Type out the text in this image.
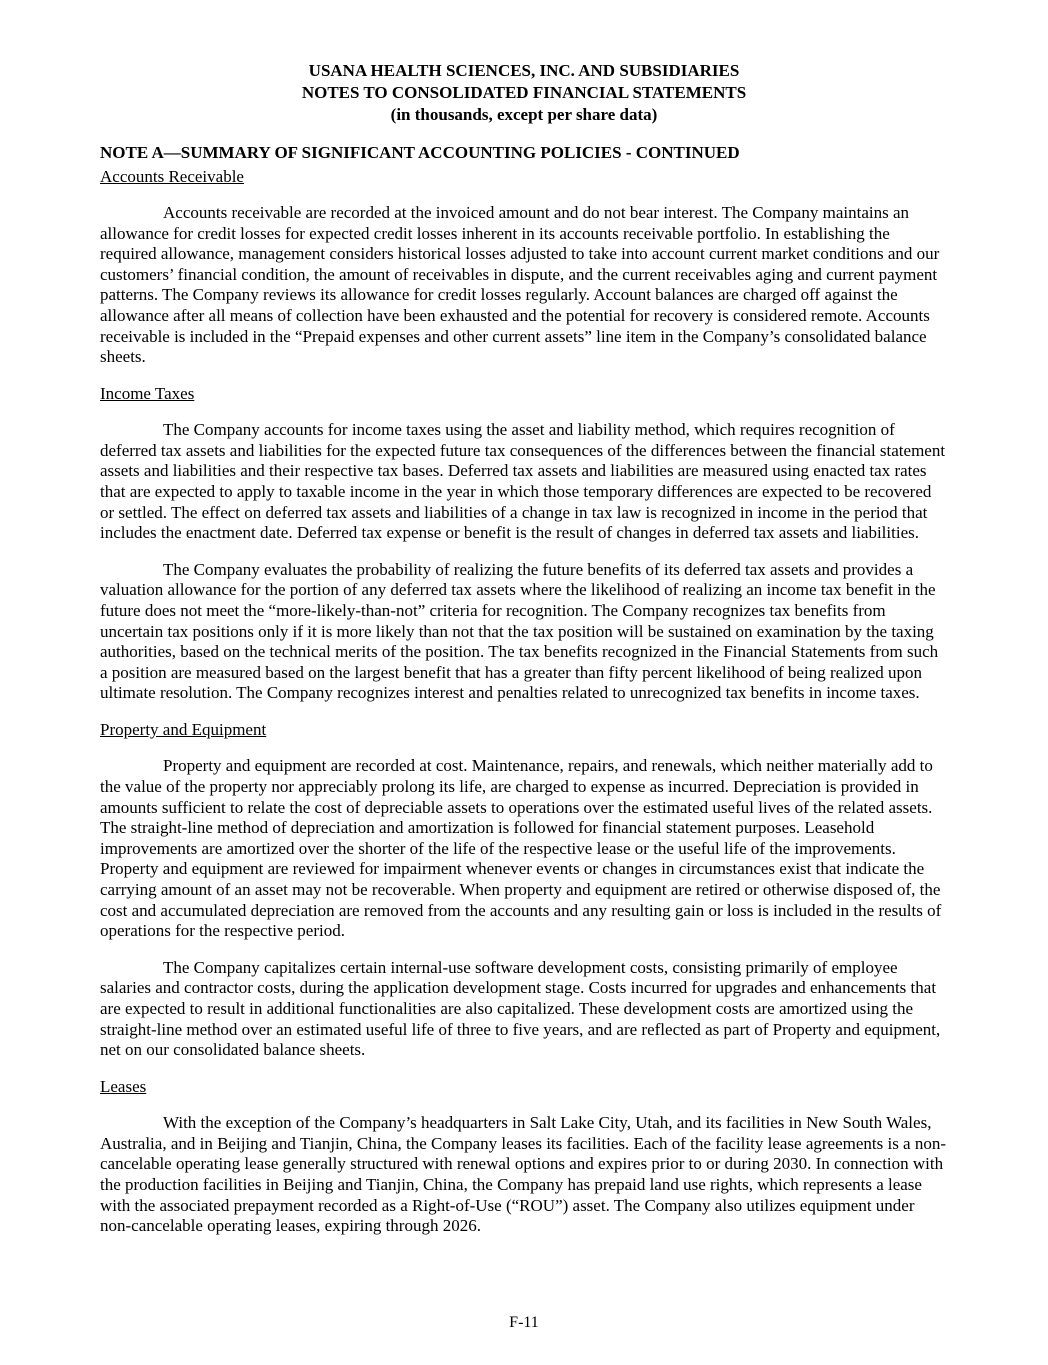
USANA HEALTH SCIENCES, INC. AND SUBSIDIARIES
NOTES TO CONSOLIDATED FINANCIAL STATEMENTS
(in thousands, except per share data)
NOTE A—SUMMARY OF SIGNIFICANT ACCOUNTING POLICIES - CONTINUED
Accounts Receivable

Accounts receivable are recorded at the invoiced amount and do not bear interest. The Company maintains an allowance for credit losses for expected credit losses inherent in its accounts receivable portfolio. In establishing the required allowance, management considers historical losses adjusted to take into account current market conditions and our customers’ financial condition, the amount of receivables in dispute, and the current receivables aging and current payment patterns. The Company reviews its allowance for credit losses regularly. Account balances are charged off against the allowance after all means of collection have been exhausted and the potential for recovery is considered remote. Accounts receivable is included in the “Prepaid expenses and other current assets” line item in the Company’s consolidated balance sheets.

Income Taxes

The Company accounts for income taxes using the asset and liability method, which requires recognition of deferred tax assets and liabilities for the expected future tax consequences of the differences between the financial statement assets and liabilities and their respective tax bases. Deferred tax assets and liabilities are measured using enacted tax rates that are expected to apply to taxable income in the year in which those temporary differences are expected to be recovered or settled. The effect on deferred tax assets and liabilities of a change in tax law is recognized in income in the period that includes the enactment date. Deferred tax expense or benefit is the result of changes in deferred tax assets and liabilities.

The Company evaluates the probability of realizing the future benefits of its deferred tax assets and provides a valuation allowance for the portion of any deferred tax assets where the likelihood of realizing an income tax benefit in the future does not meet the “more-likely-than-not” criteria for recognition. The Company recognizes tax benefits from uncertain tax positions only if it is more likely than not that the tax position will be sustained on examination by the taxing authorities, based on the technical merits of the position. The tax benefits recognized in the Financial Statements from such a position are measured based on the largest benefit that has a greater than fifty percent likelihood of being realized upon ultimate resolution. The Company recognizes interest and penalties related to unrecognized tax benefits in income taxes.

Property and Equipment

Property and equipment are recorded at cost. Maintenance, repairs, and renewals, which neither materially add to the value of the property nor appreciably prolong its life, are charged to expense as incurred. Depreciation is provided in amounts sufficient to relate the cost of depreciable assets to operations over the estimated useful lives of the related assets. The straight-line method of depreciation and amortization is followed for financial statement purposes. Leasehold improvements are amortized over the shorter of the life of the respective lease or the useful life of the improvements. Property and equipment are reviewed for impairment whenever events or changes in circumstances exist that indicate the carrying amount of an asset may not be recoverable. When property and equipment are retired or otherwise disposed of, the cost and accumulated depreciation are removed from the accounts and any resulting gain or loss is included in the results of operations for the respective period.

The Company capitalizes certain internal-use software development costs, consisting primarily of employee salaries and contractor costs, during the application development stage. Costs incurred for upgrades and enhancements that are expected to result in additional functionalities are also capitalized. These development costs are amortized using the straight-line method over an estimated useful life of three to five years, and are reflected as part of Property and equipment, net on our consolidated balance sheets.

Leases

With the exception of the Company’s headquarters in Salt Lake City, Utah, and its facilities in New South Wales, Australia, and in Beijing and Tianjin, China, the Company leases its facilities. Each of the facility lease agreements is a non-cancelable operating lease generally structured with renewal options and expires prior to or during 2030. In connection with the production facilities in Beijing and Tianjin, China, the Company has prepaid land use rights, which represents a lease with the associated prepayment recorded as a Right-of-Use (“ROU”) asset. The Company also utilizes equipment under non-cancelable operating leases, expiring through 2026.

F-11
